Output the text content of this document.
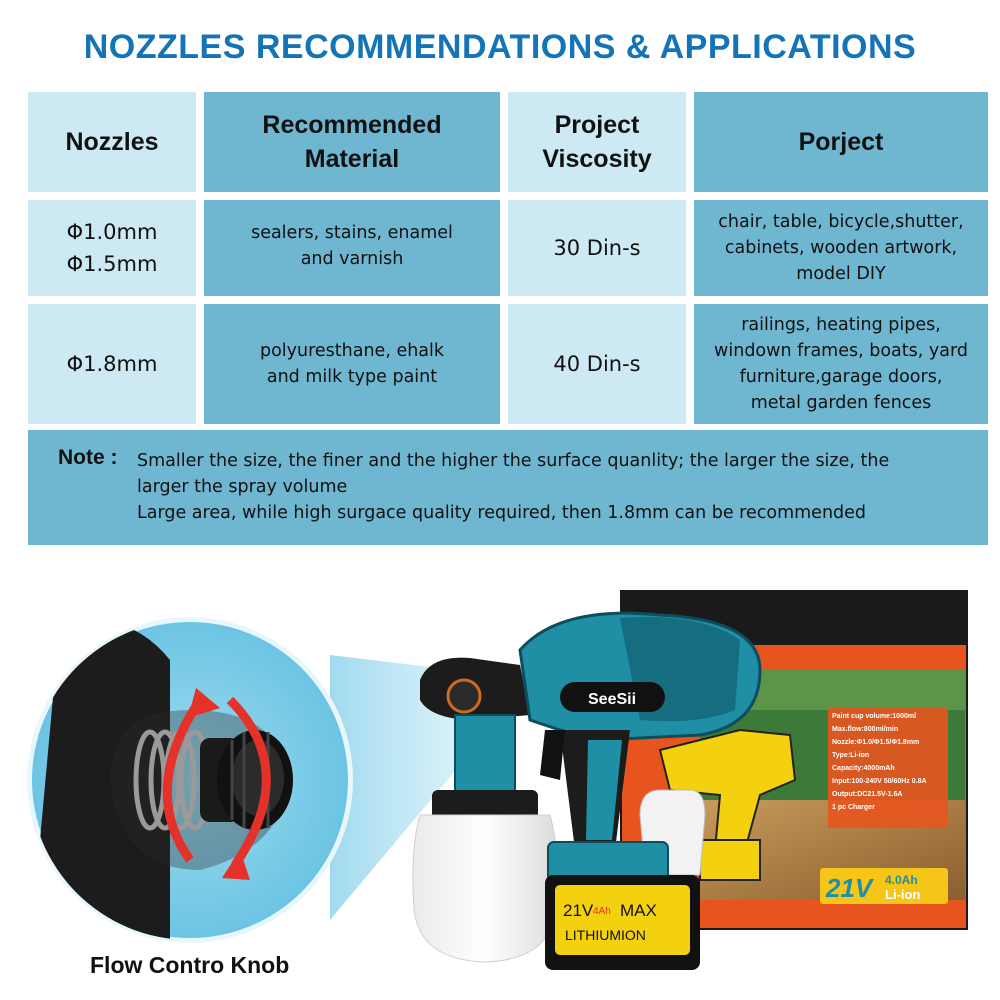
NOZZLES RECOMMENDATIONS & APPLICATIONS
Nozzles
Recommended
Material
Project
Viscosity
Porject
Φ1.0mm
Φ1.5mm
sealers, stains, enamel
and varnish	30 Din-s
chair, table, bicycle,shutter,
cabinets, wooden artwork,
model DIY
Φ1.8mm
polyuresthane, ehalk
and milk type paint
40 Din-s
railings, heating pipes,
windown frames, boats, yard
furniture,garage doors,
metal garden fences
Note : Smaller the size, the finer and the higher the surface quanlity; the larger the size, the
larger the spray volume
Large area, while high surgace quality required, then 1.8mm can be recommended
Paint cup volume:1000ml
Max.flow:800ml/min
Nozzle:Φ1.0/Φ1.5/Φ1.8mm
Type:Li-ion
Capacity:4000mAh
Input:100-240V 50/60Hz 0.8A
Output:DC21.5V-1.6A
1 pc Charger
21V 4.0Ah
Li-ion
SeeSii
21V 4Ah MAX
LITHIUMION
Flow Contro Knob
